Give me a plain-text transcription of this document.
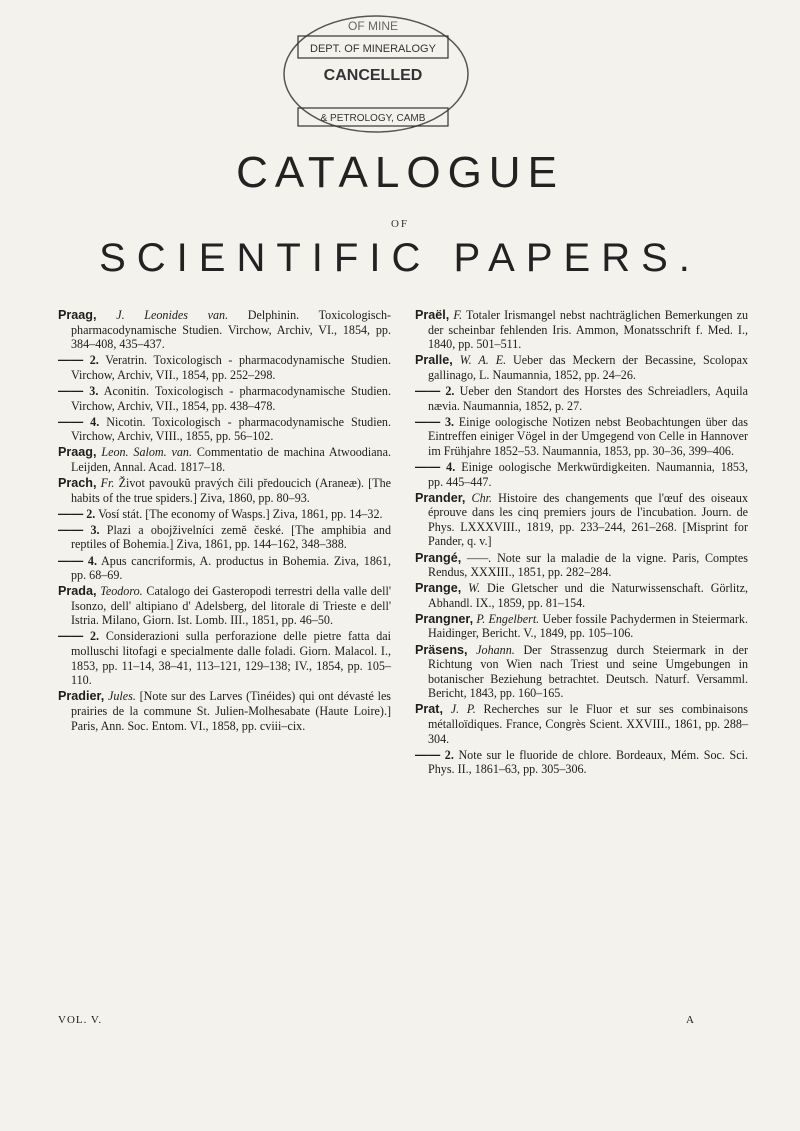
OF MINE
DEPT. OF MINERALOGY
CANCELLED
& PETROLOGY, CAMB
CATALOGUE
OF
SCIENTIFIC PAPERS.
Praag, J. Leonides van. Delphinin. Toxicologisch-pharmacodynamische Studien. Virchow, Archiv, VI., 1854, pp. 384–408, 435–437.
—— 2. Veratrin. Toxicologisch - pharmacodynamische Studien. Virchow, Archiv, VII., 1854, pp. 252–298.
—— 3. Aconitin. Toxicologisch - pharmacodynamische Studien. Virchow, Archiv, VII., 1854, pp. 438–478.
—— 4. Nicotin. Toxicologisch - pharmacodynamische Studien. Virchow, Archiv, VIII., 1855, pp. 56–102.
Praag, Leon. Salom. van. Commentatio de machina Atwoodiana. Leijden, Annal. Acad. 1817–18.
Prach, Fr. Život pavoukŭ pravých čili předoucich (Araneæ). [The habits of the true spiders.] Ziva, 1860, pp. 80–93.
—— 2. Vosí stát. [The economy of Wasps.] Ziva, 1861, pp. 14–32.
—— 3. Plazi a obojživelníci zemĕ české. [The amphibia and reptiles of Bohemia.] Ziva, 1861, pp. 144–162, 348–388.
—— 4. Apus cancriformis, A. productus in Bohemia. Ziva, 1861, pp. 68–69.
Prada, Teodoro. Catalogo dei Gasteropodi terrestri della valle dell' Isonzo, dell' altipiano d' Adelsberg, del litorale di Trieste e dell' Istria. Milano, Giorn. Ist. Lomb. III., 1851, pp. 46–50.
—— 2. Considerazioni sulla perforazione delle pietre fatta dai molluschi litofagi e specialmente dalle foladi. Giorn. Malacol. I., 1853, pp. 11–14, 38–41, 113–121, 129–138; IV., 1854, pp. 105–110.
Pradier, Jules. [Note sur des Larves (Tinéides) qui ont dévasté les prairies de la commune St. Julien-Molhesabate (Haute Loire).] Paris, Ann. Soc. Entom. VI., 1858, pp. cviii–cix.
Praël, F. Totaler Irismangel nebst nachträglichen Bemerkungen zu der scheinbar fehlenden Iris. Ammon, Monatsschrift f. Med. I., 1840, pp. 501–511.
Pralle, W. A. E. Ueber das Meckern der Becassine, Scolopax gallinago, L. Naumannia, 1852, pp. 24–26.
—— 2. Ueber den Standort des Horstes des Schreiadlers, Aquila nævia. Naumannia, 1852, p. 27.
—— 3. Einige oologische Notizen nebst Beobachtungen über das Eintreffen einiger Vögel in der Umgegend von Celle in Hannover im Frühjahre 1852–53. Naumannia, 1853, pp. 30–36, 399–406.
—— 4. Einige oologische Merkwürdigkeiten. Naumannia, 1853, pp. 445–447.
Prander, Chr. Histoire des changements que l'œuf des oiseaux éprouve dans les cinq premiers jours de l'incubation. Journ. de Phys. LXXXVIII., 1819, pp. 233–244, 261–268. [Misprint for Pander, q. v.]
Prangé, ——. Note sur la maladie de la vigne. Paris, Comptes Rendus, XXXIII., 1851, pp. 282–284.
Prange, W. Die Gletscher und die Naturwissenschaft. Görlitz, Abhandl. IX., 1859, pp. 81–154.
Prangner, P. Engelbert. Ueber fossile Pachydermen in Steiermark. Haidinger, Bericht. V., 1849, pp. 105–106.
Präsens, Johann. Der Strassenzug durch Steiermark in der Richtung von Wien nach Triest und seine Umgebungen in botanischer Beziehung betrachtet. Deutsch. Naturf. Versamml. Bericht, 1843, pp. 160–165.
Prat, J. P. Recherches sur le Fluor et sur ses combinaisons métalloïdiques. France, Congrès Scient. XXVIII., 1861, pp. 288–304.
—— 2. Note sur le fluoride de chlore. Bordeaux, Mém. Soc. Sci. Phys. II., 1861–63, pp. 305–306.
VOL. V.	A
